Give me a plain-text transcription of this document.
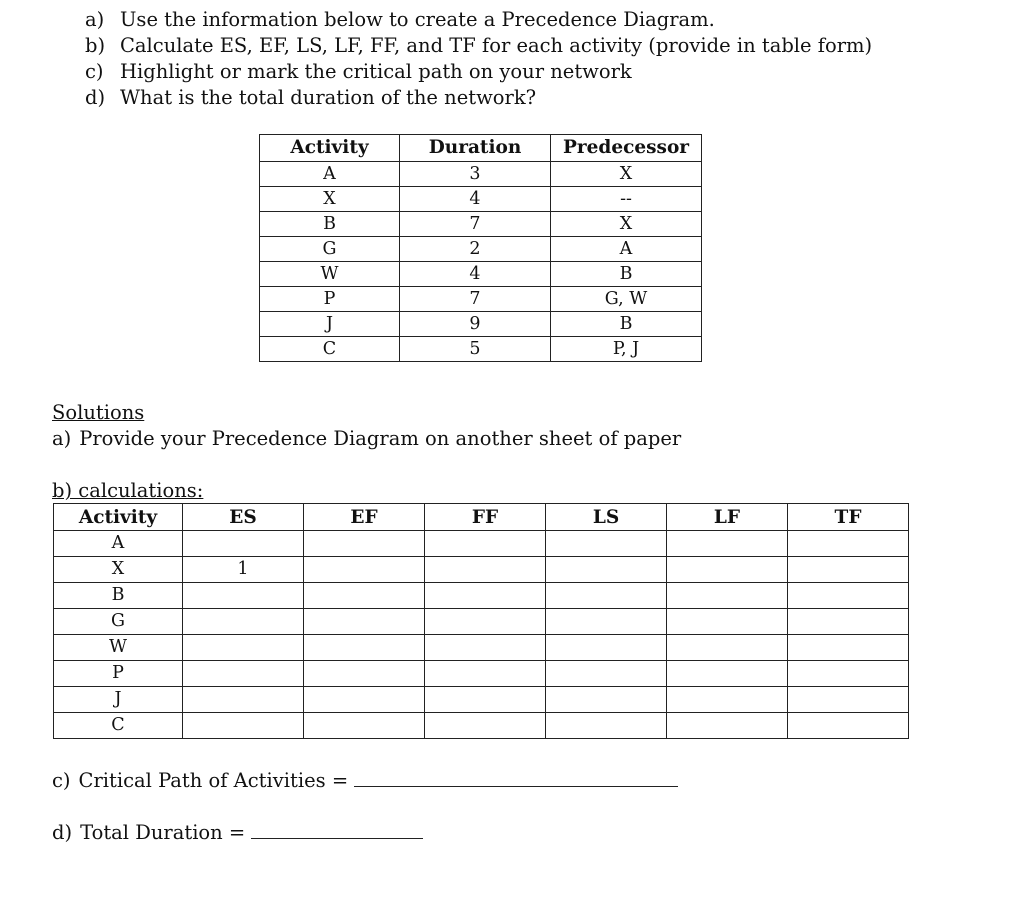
a) Use the information below to create a Precedence Diagram.
b) Calculate ES, EF, LS, LF, FF, and TF for each activity (provide in table form)
c) Highlight or mark the critical path on your network
d) What is the total duration of the network?
Activity	Duration	Predecessor
A	3	X
X	4	--
B	7	X
G	2	A
W	4	B
P	7	G, W
J	9	B
C	5	P, J
Solutions
a) Provide your Precedence Diagram on another sheet of paper
b) calculations:
Activity	ES	EF	FF	LS	LF	TF
A						
X	1					
B						
G						
W						
P						
J						
C						
c) Critical Path of Activities =
d) Total Duration =
